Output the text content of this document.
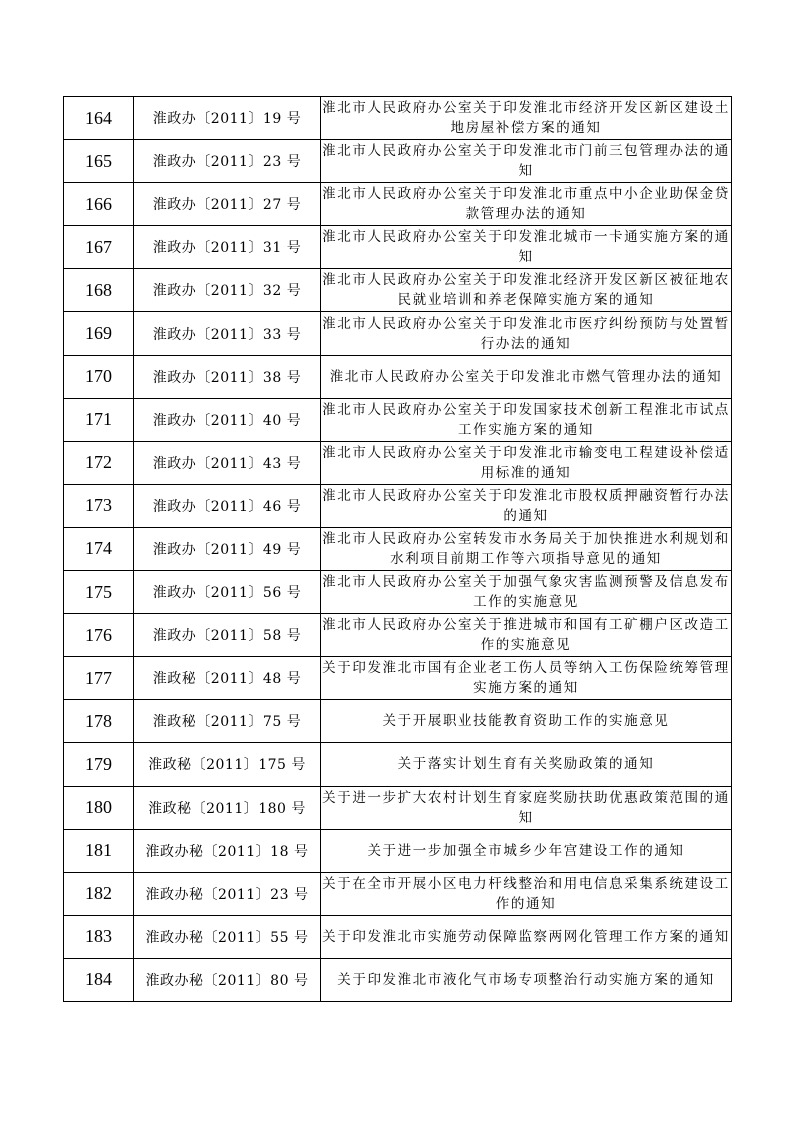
164	淮政办〔2011〕19 号	淮北市人民政府办公室关于印发淮北市经济开发区新区建设土地房屋补偿方案的通知
165	淮政办〔2011〕23 号	淮北市人民政府办公室关于印发淮北市门前三包管理办法的通知
166	淮政办〔2011〕27 号	淮北市人民政府办公室关于印发淮北市重点中小企业助保金贷款管理办法的通知
167	淮政办〔2011〕31 号	淮北市人民政府办公室关于印发淮北城市一卡通实施方案的通知
168	淮政办〔2011〕32 号	淮北市人民政府办公室关于印发淮北经济开发区新区被征地农民就业培训和养老保障实施方案的通知
169	淮政办〔2011〕33 号	淮北市人民政府办公室关于印发淮北市医疗纠纷预防与处置暂行办法的通知
170	淮政办〔2011〕38 号	淮北市人民政府办公室关于印发淮北市燃气管理办法的通知
171	淮政办〔2011〕40 号	淮北市人民政府办公室关于印发国家技术创新工程淮北市试点工作实施方案的通知
172	淮政办〔2011〕43 号	淮北市人民政府办公室关于印发淮北市输变电工程建设补偿适用标准的通知
173	淮政办〔2011〕46 号	淮北市人民政府办公室关于印发淮北市股权质押融资暂行办法的通知
174	淮政办〔2011〕49 号	淮北市人民政府办公室转发市水务局关于加快推进水利规划和水利项目前期工作等六项指导意见的通知
175	淮政办〔2011〕56 号	淮北市人民政府办公室关于加强气象灾害监测预警及信息发布工作的实施意见
176	淮政办〔2011〕58 号	淮北市人民政府办公室关于推进城市和国有工矿棚户区改造工作的实施意见
177	淮政秘〔2011〕48 号	关于印发淮北市国有企业老工伤人员等纳入工伤保险统筹管理实施方案的通知
178	淮政秘〔2011〕75 号	关于开展职业技能教育资助工作的实施意见
179	淮政秘〔2011〕175 号	关于落实计划生育有关奖励政策的通知
180	淮政秘〔2011〕180 号	关于进一步扩大农村计划生育家庭奖励扶助优惠政策范围的通知
181	淮政办秘〔2011〕18 号	关于进一步加强全市城乡少年宫建设工作的通知
182	淮政办秘〔2011〕23 号	关于在全市开展小区电力杆线整治和用电信息采集系统建设工作的通知
183	淮政办秘〔2011〕55 号	关于印发淮北市实施劳动保障监察两网化管理工作方案的通知
184	淮政办秘〔2011〕80 号	关于印发淮北市液化气市场专项整治行动实施方案的通知
